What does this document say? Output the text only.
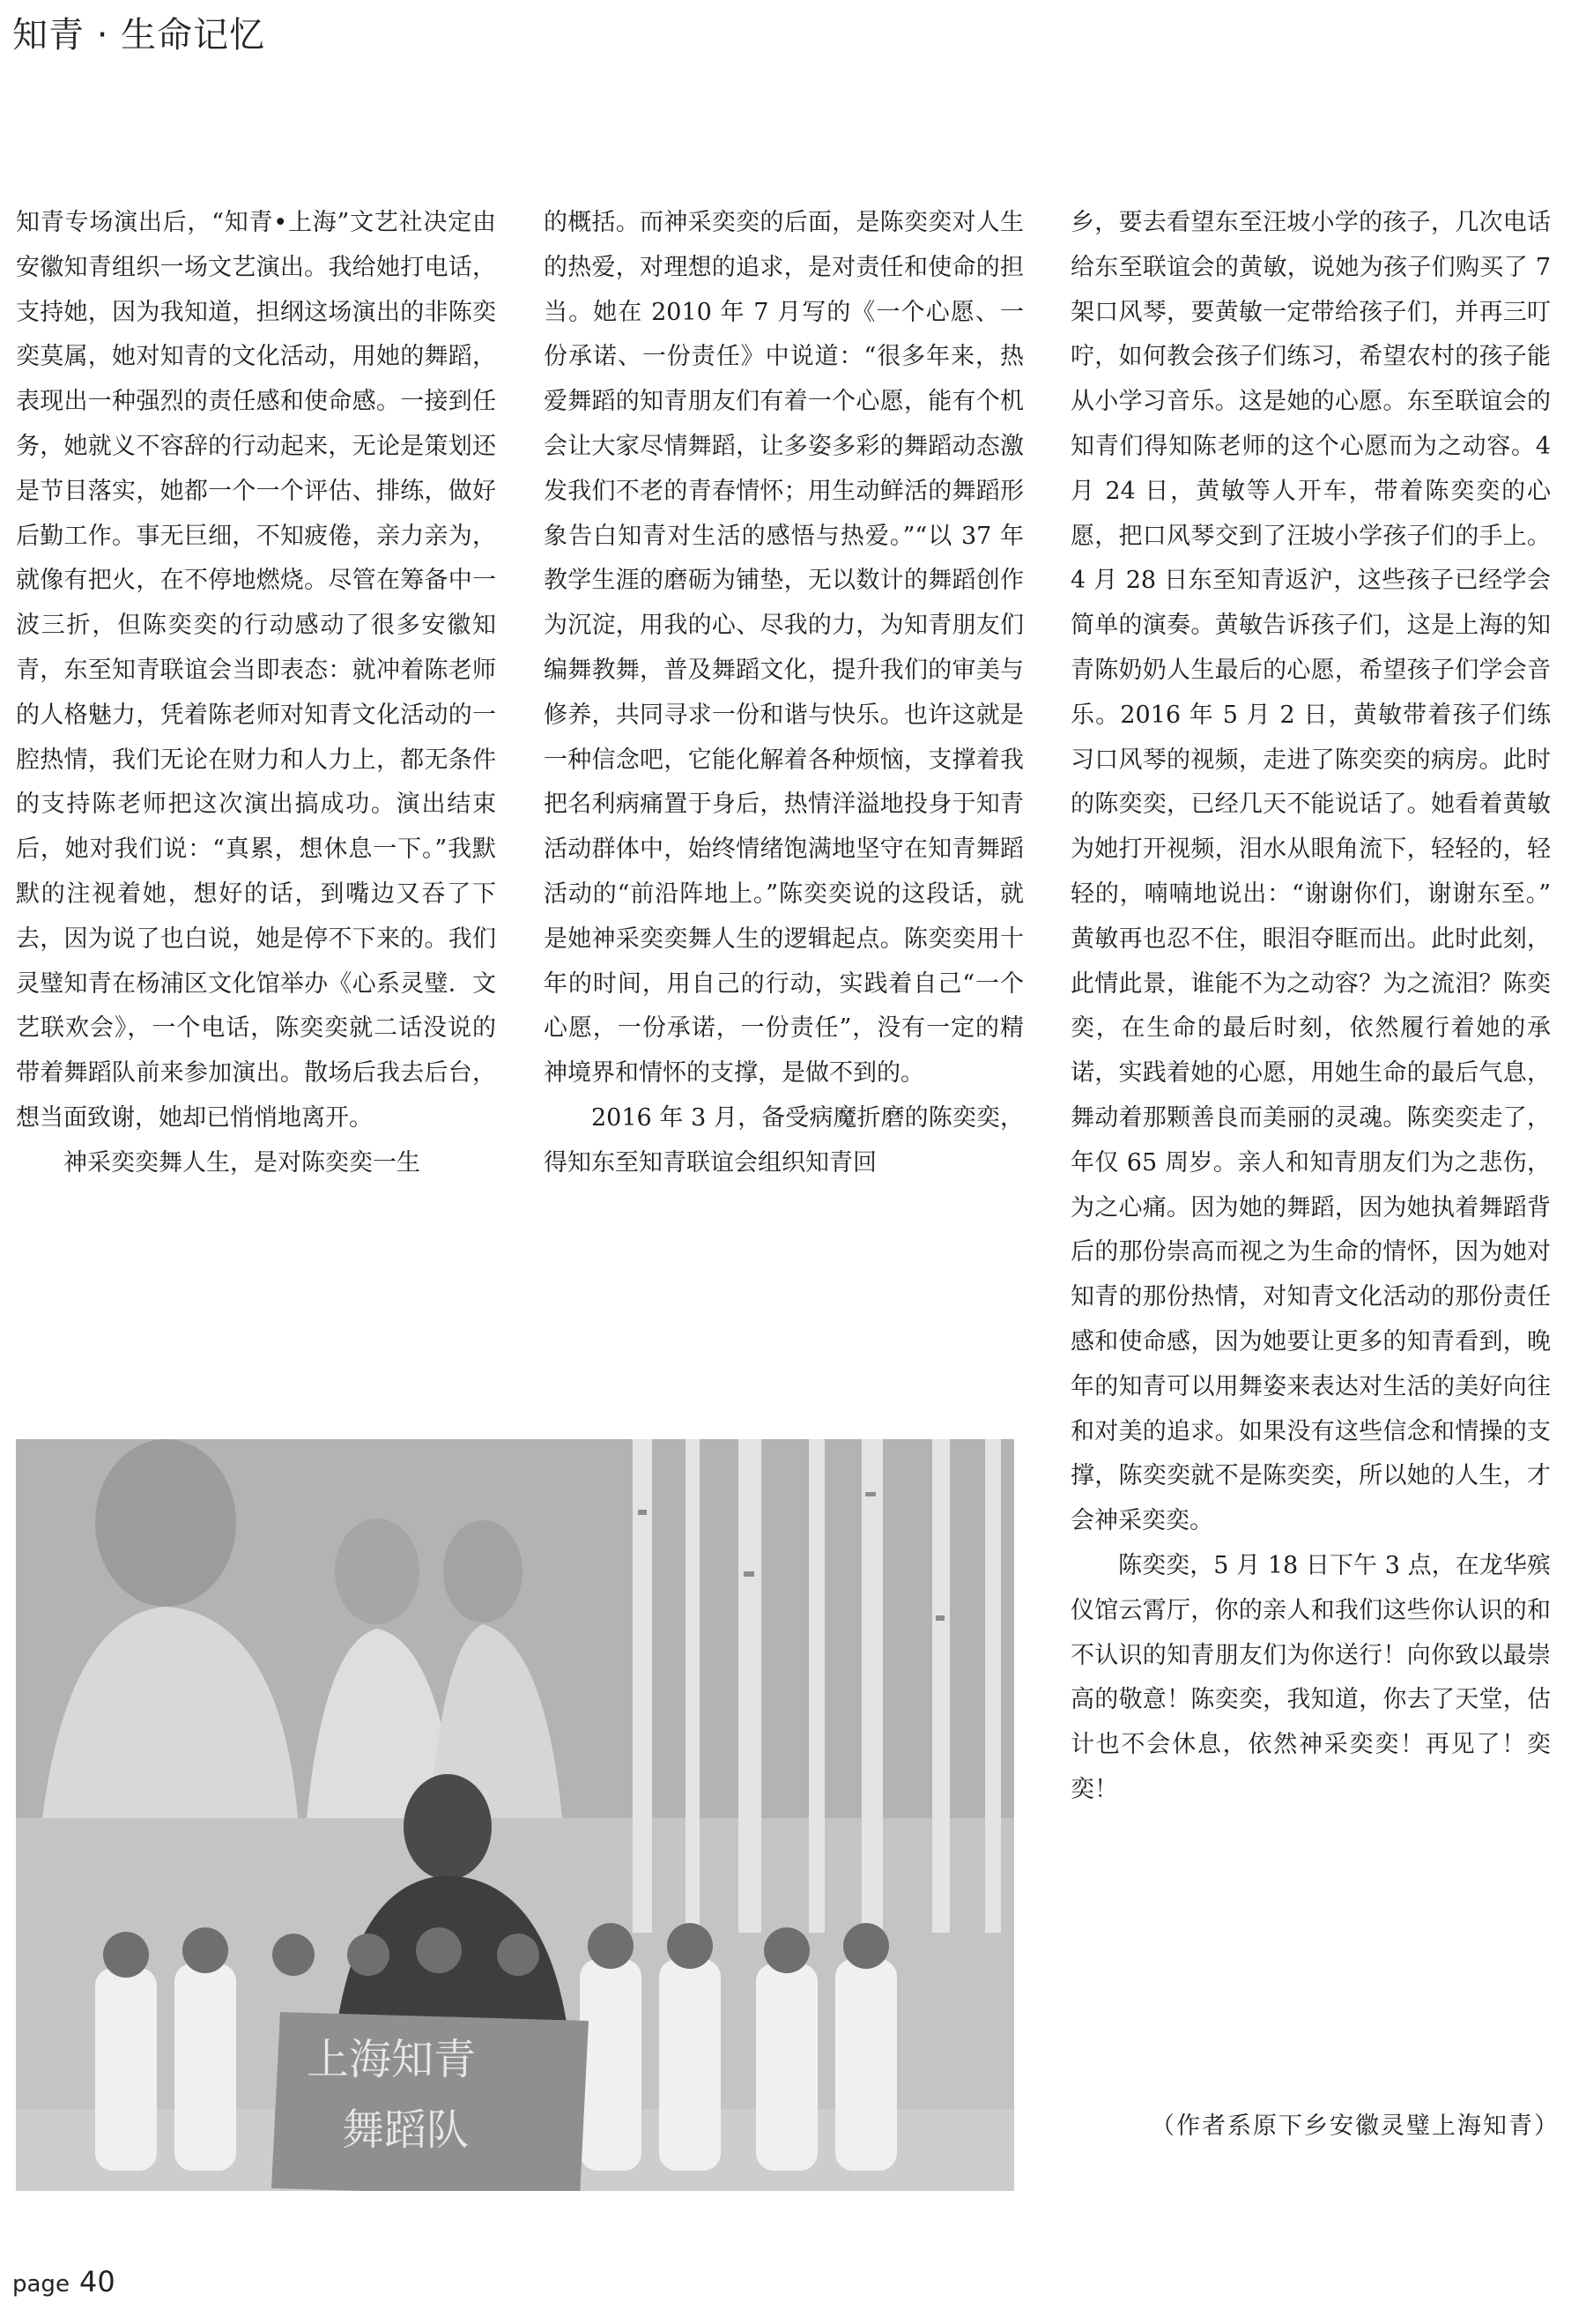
知青 · 生命记忆

知青专场演出后，“知青•上海”文艺社决定由安徽知青组织一场文艺演出。我给她打电话，支持她，因为我知道，担纲这场演出的非陈奕奕莫属，她对知青的文化活动，用她的舞蹈，表现出一种强烈的责任感和使命感。一接到任务，她就义不容辞的行动起来，无论是策划还是节目落实，她都一个一个评估、排练，做好后勤工作。事无巨细，不知疲倦，亲力亲为，就像有把火，在不停地燃烧。尽管在筹备中一波三折，但陈奕奕的行动感动了很多安徽知青，东至知青联谊会当即表态：就冲着陈老师的人格魅力，凭着陈老师对知青文化活动的一腔热情，我们无论在财力和人力上，都无条件的支持陈老师把这次演出搞成功。演出结束后，她对我们说：“真累，想休息一下。”我默默的注视着她，想好的话，到嘴边又吞了下去，因为说了也白说，她是停不下来的。我们灵璧知青在杨浦区文化馆举办《心系灵璧．文艺联欢会》，一个电话，陈奕奕就二话没说的带着舞蹈队前来参加演出。散场后我去后台，想当面致谢，她却已悄悄地离开。

神采奕奕舞人生，是对陈奕奕一生

的概括。而神采奕奕的后面，是陈奕奕对人生的热爱，对理想的追求，是对责任和使命的担当。她在 2010 年 7 月写的《一个心愿、一份承诺、一份责任》中说道：“很多年来，热爱舞蹈的知青朋友们有着一个心愿，能有个机会让大家尽情舞蹈，让多姿多彩的舞蹈动态激发我们不老的青春情怀；用生动鲜活的舞蹈形象告白知青对生活的感悟与热爱。”“以 37 年教学生涯的磨砺为铺垫，无以数计的舞蹈创作为沉淀，用我的心、尽我的力，为知青朋友们编舞教舞，普及舞蹈文化，提升我们的审美与修养，共同寻求一份和谐与快乐。也许这就是一种信念吧，它能化解着各种烦恼，支撑着我把名利病痛置于身后，热情洋溢地投身于知青活动群体中，始终情绪饱满地坚守在知青舞蹈活动的“前沿阵地上。”陈奕奕说的这段话，就是她神采奕奕舞人生的逻辑起点。陈奕奕用十年的时间，用自己的行动，实践着自己“一个心愿，一份承诺，一份责任”，没有一定的精神境界和情怀的支撑，是做不到的。

2016 年 3 月，备受病魔折磨的陈奕奕，得知东至知青联谊会组织知青回

乡，要去看望东至汪坡小学的孩子，几次电话给东至联谊会的黄敏，说她为孩子们购买了 7 架口风琴，要黄敏一定带给孩子们，并再三叮咛，如何教会孩子们练习，希望农村的孩子能从小学习音乐。这是她的心愿。东至联谊会的知青们得知陈老师的这个心愿而为之动容。4 月 24 日，黄敏等人开车，带着陈奕奕的心愿，把口风琴交到了汪坡小学孩子们的手上。4 月 28 日东至知青返沪，这些孩子已经学会简单的演奏。黄敏告诉孩子们，这是上海的知青陈奶奶人生最后的心愿，希望孩子们学会音乐。2016 年 5 月 2 日，黄敏带着孩子们练习口风琴的视频，走进了陈奕奕的病房。此时的陈奕奕，已经几天不能说话了。她看着黄敏为她打开视频，泪水从眼角流下，轻轻的，轻轻的，喃喃地说出：“谢谢你们，谢谢东至。” 黄敏再也忍不住，眼泪夺眶而出。此时此刻，此情此景，谁能不为之动容？为之流泪？陈奕奕，在生命的最后时刻，依然履行着她的承诺，实践着她的心愿，用她生命的最后气息，舞动着那颗善良而美丽的灵魂。陈奕奕走了，年仅 65 周岁。亲人和知青朋友们为之悲伤，为之心痛。因为她的舞蹈，因为她执着舞蹈背后的那份崇高而视之为生命的情怀，因为她对知青的那份热情，对知青文化活动的那份责任感和使命感，因为她要让更多的知青看到，晚年的知青可以用舞姿来表达对生活的美好向往和对美的追求。如果没有这些信念和情操的支撑，陈奕奕就不是陈奕奕，所以她的人生，才会神采奕奕。

陈奕奕，5 月 18 日下午 3 点，在龙华殡仪馆云霄厅，你的亲人和我们这些你认识的和不认识的知青朋友们为你送行！向你致以最崇高的敬意！陈奕奕，我知道，你去了天堂，估计也不会休息，依然神采奕奕！再见了！奕奕！

上海知青
舞蹈队	（作者系原下乡安徽灵璧上海知青）
page 40
